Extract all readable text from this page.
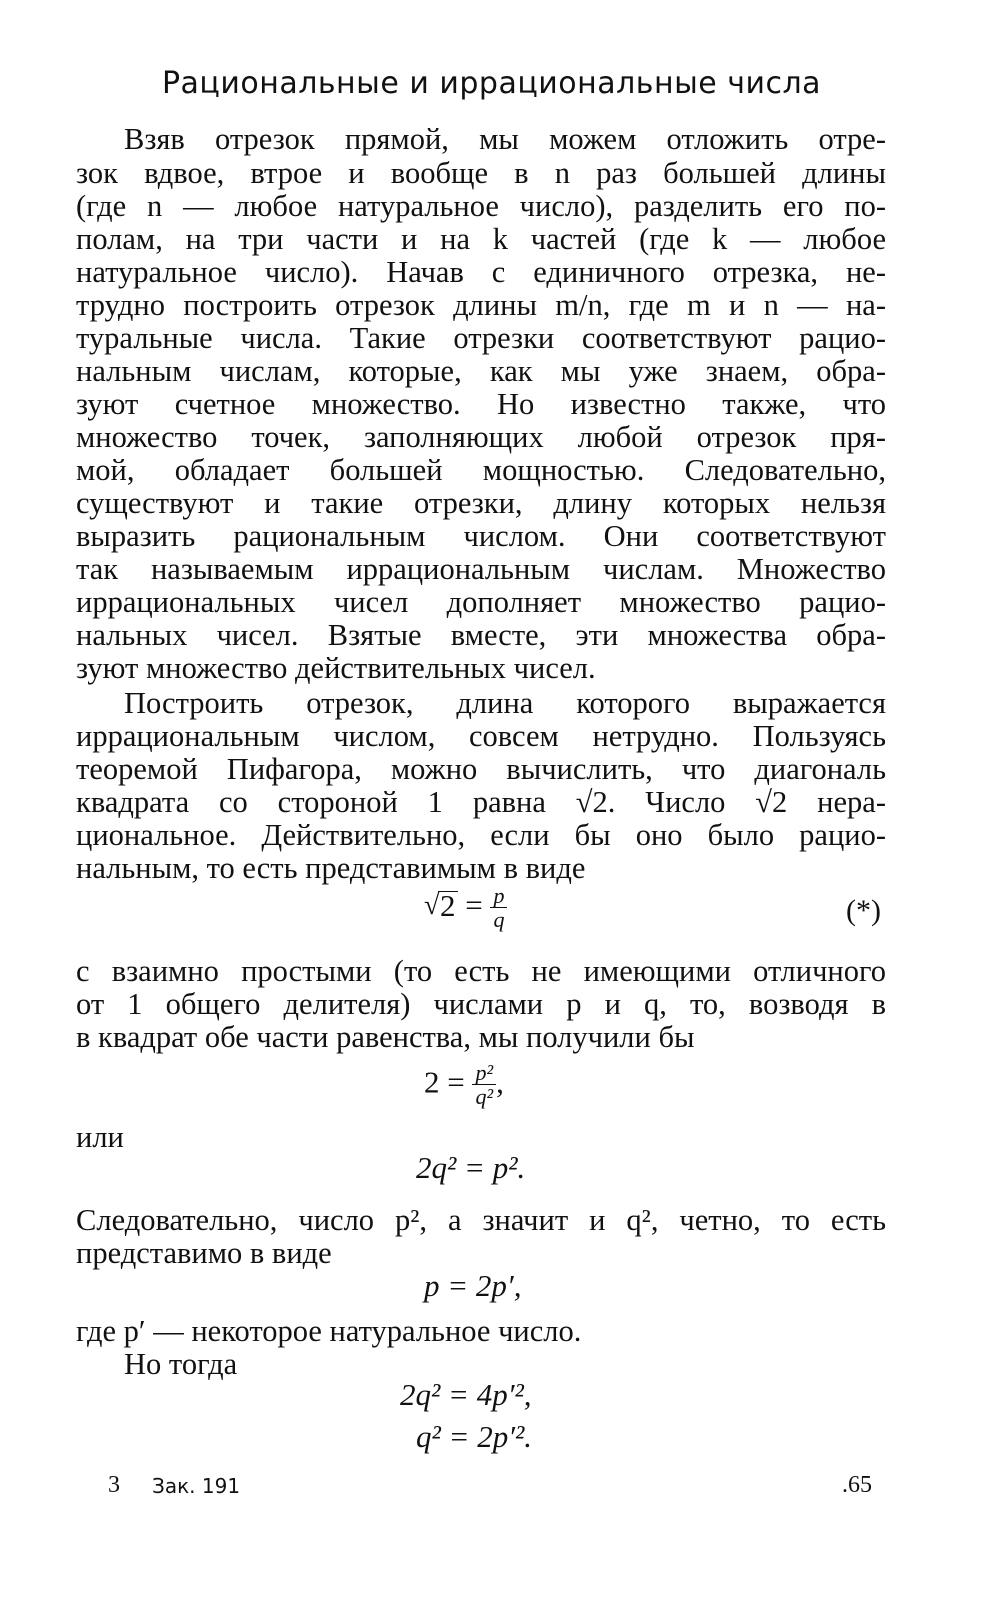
Рациональные и иррациональные числа
Взяв отрезок прямой, мы можем отложить отре-
зок вдвое, втрое и вообще в n раз большей длины
(где n — любое натуральное число), разделить его по-
полам, на три части и на k частей (где k — любое
натуральное число). Начав с единичного отрезка, не-
трудно построить отрезок длины m/n, где m и n — на-
туральные числа. Такие отрезки соответствуют рацио-
нальным числам, которые, как мы уже знаем, обра-
зуют счетное множество. Но известно также, что
множество точек, заполняющих любой отрезок пря-
мой, обладает большей мощностью. Следовательно,
существуют и такие отрезки, длину которых нельзя
выразить рациональным числом. Они соответствуют
так называемым иррациональным числам. Множество
иррациональных чисел дополняет множество рацио-
нальных чисел. Взятые вместе, эти множества обра-
зуют множество действительных чисел.
Построить отрезок, длина которого выражается
иррациональным числом, совсем нетрудно. Пользуясь
теоремой Пифагора, можно вычислить, что диагональ
квадрата со стороной 1 равна √2. Число √2 нера-
циональное. Действительно, если бы оно было рацио-
нальным, то есть представимым в виде
√ $2 = \frac{p}{q}$	(*)
с взаимно простыми (то есть не имеющими отличного
от 1 общего делителя) числами p и q, то, возводя в
в квадрат обе части равенства, мы получили бы
$2 = \frac{\text{p²}}{\text{q²}}$ ,
или
2q² = p².
Следовательно, число p², а значит и q², четно, то есть
представимо в виде
p = 2p′,
где p′ — некоторое натуральное число.
Но тогда
2q² = 4p′²,
q² = 2p′².
3 Зак. 191	.65
